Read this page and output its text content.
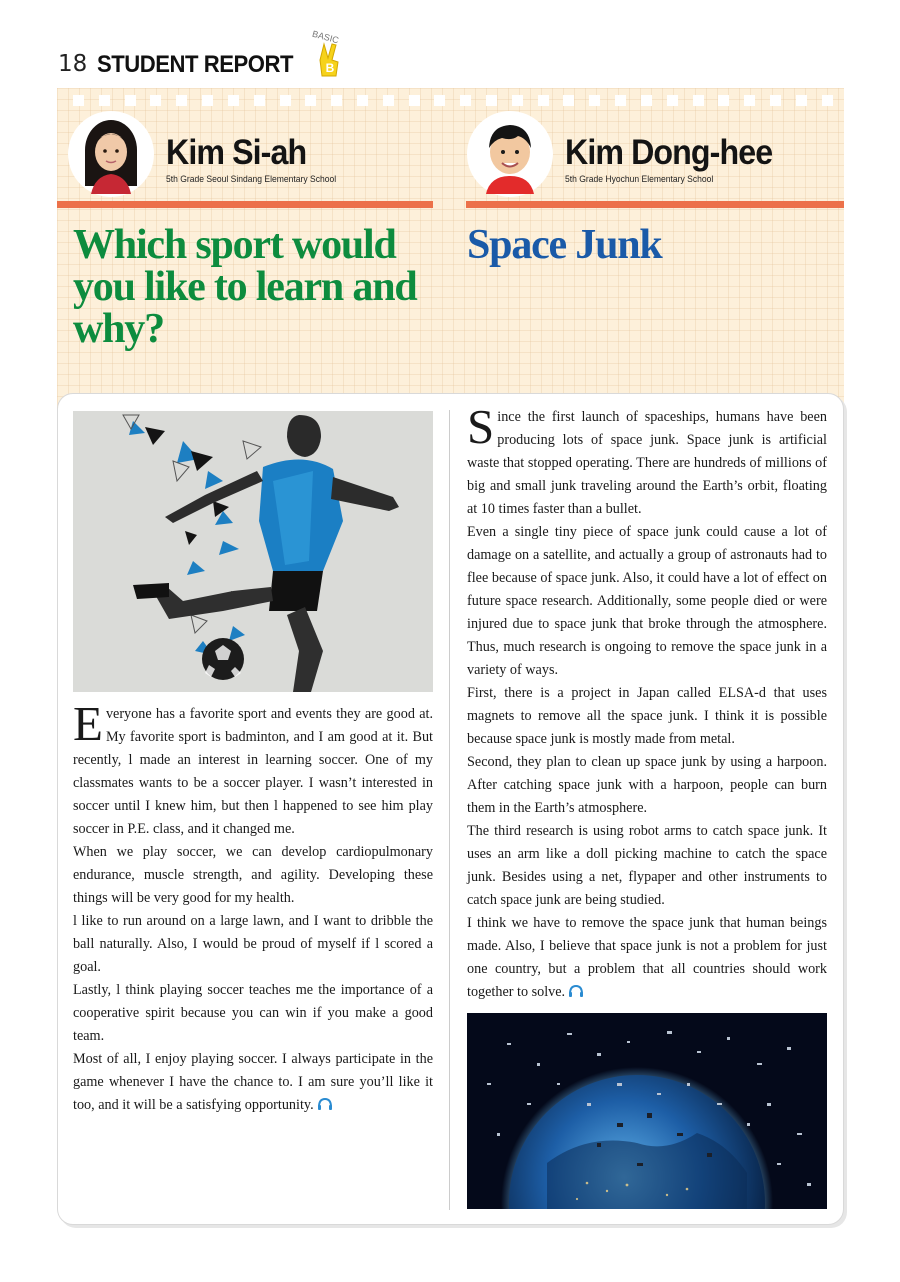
18 STUDENT REPORT
BASIC
B
Kim Si-ah
5th Grade Seoul Sindang Elementary School
Kim Dong-hee
5th Grade Hyochun Elementary School
Which sport would you like to learn and why?
Space Junk

Everyone has a favorite sport and events they are good at. My favorite sport is badminton, and I am good at it. But recently, l made an interest in learning soccer. One of my classmates wants to be a soccer player. I wasn’t interested in soccer until I knew him, but then l happened to see him play soccer in P.E. class, and it changed me.

When we play soccer, we can develop cardiopulmonary endurance, muscle strength, and agility. Developing these things will be very good for my health.

l like to run around on a large lawn, and I want to dribble the ball naturally. Also, I would be proud of myself if l scored a goal.

Lastly, l think playing soccer teaches me the importance of a cooperative spirit because you can win if you make a good team.

Most of all, I enjoy playing soccer. I always participate in the game whenever I have the chance to. I am sure you’ll like it too, and it will be a satisfying opportunity.

Since the first launch of spaceships, humans have been producing lots of space junk. Space junk is artificial waste that stopped operating. There are hundreds of millions of big and small junk traveling around the Earth’s orbit, floating at 10 times faster than a bullet.

Even a single tiny piece of space junk could cause a lot of damage on a satellite, and actually a group of astronauts had to flee because of space junk. Also, it could have a lot of effect on future space research. Additionally, some people died or were injured due to space junk that broke through the atmosphere. Thus, much research is ongoing to remove the space junk in a variety of ways.

First, there is a project in Japan called ELSA-d that uses magnets to remove all the space junk. I think it is possible because space junk is mostly made from metal.

Second, they plan to clean up space junk by using a harpoon. After catching space junk with a harpoon, people can burn them in the Earth’s atmosphere.

The third research is using robot arms to catch space junk. It uses an arm like a doll picking machine to catch the space junk. Besides using a net, flypaper and other instruments to catch space junk are being studied.

I think we have to remove the space junk that human beings made. Also, I believe that space junk is not a problem for just one country, but a problem that all countries should work together to solve.
